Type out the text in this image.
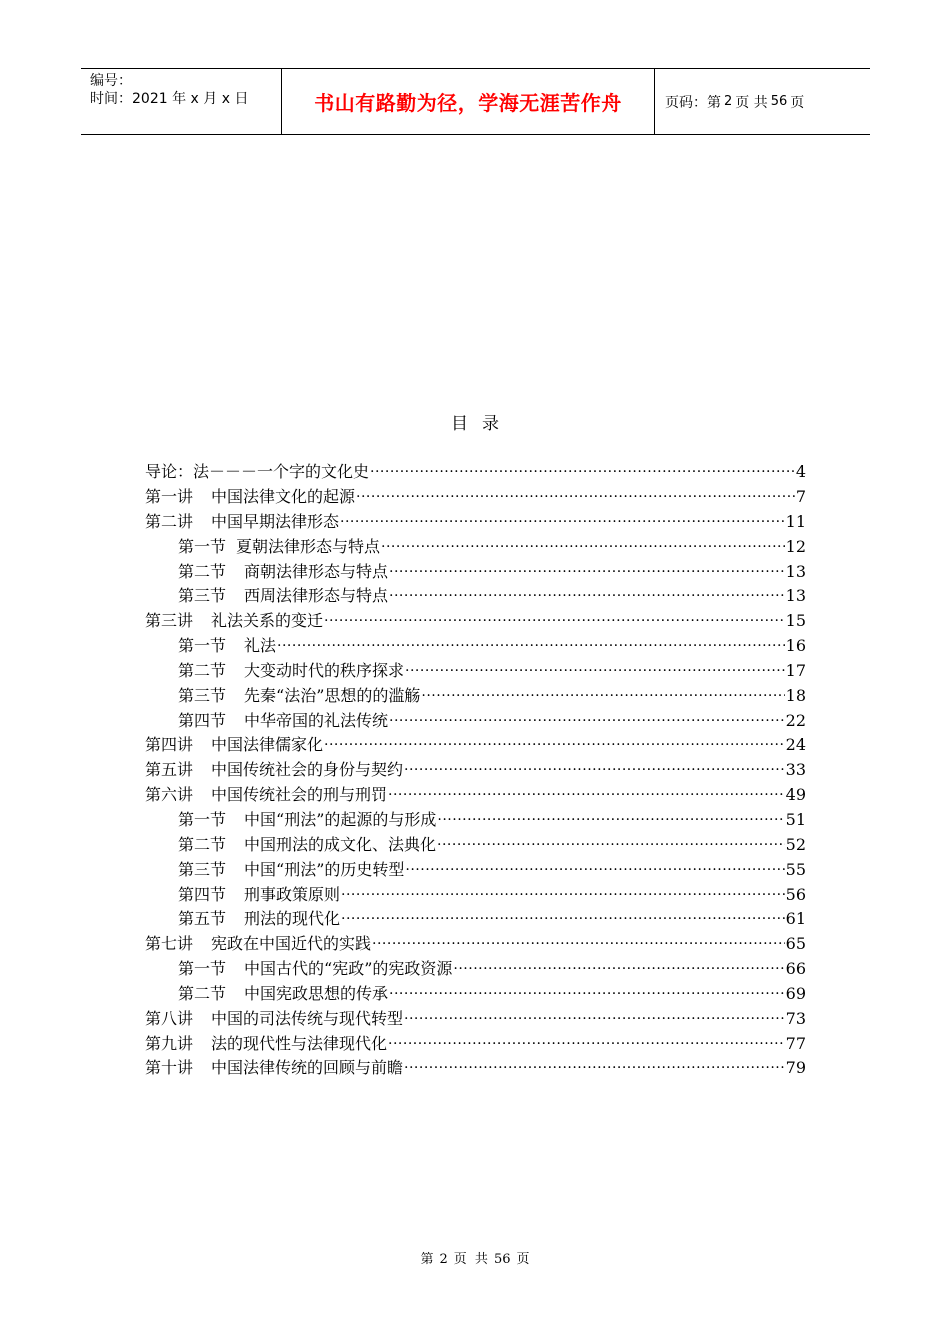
编号：
时间：2021 年 x 月 x 日	书山有路勤为径，学海无涯苦作舟	页码：第 2 页 共 56 页
目录
导论：法－－－一个字的文化史 .....	4
第一讲 中国法律文化的起源 .....	7
第二讲 中国早期法律形态 .....	11
第一节 夏朝法律形态与特点 .....	12
第二节 商朝法律形态与特点 .....	13
第三节 西周法律形态与特点 .....	13
第三讲 礼法关系的变迁 .....	15
第一节 礼法 .....	16
第二节 大变动时代的秩序探求 .....	17
第三节 先秦“法治”思想的的滥觞 .....	18
第四节 中华帝国的礼法传统 .....	22
第四讲 中国法律儒家化 .....	24
第五讲 中国传统社会的身份与契约 .....	33
第六讲 中国传统社会的刑与刑罚 .....	49
第一节 中国“刑法”的起源的与形成 .....	51
第二节 中国刑法的成文化、法典化 .....	52
第三节 中国“刑法”的历史转型 .....	55
第四节 刑事政策原则 .....	56
第五节 刑法的现代化 .....	61
第七讲 宪政在中国近代的实践 .....	65
第一节 中国古代的“宪政”的宪政资源 .....	66
第二节 中国宪政思想的传承 .....	69
第八讲 中国的司法传统与现代转型 .....	73
第九讲 法的现代性与法律现代化 .....	77
第十讲 中国法律传统的回顾与前瞻 .....	79
第 2 页 共 56 页
